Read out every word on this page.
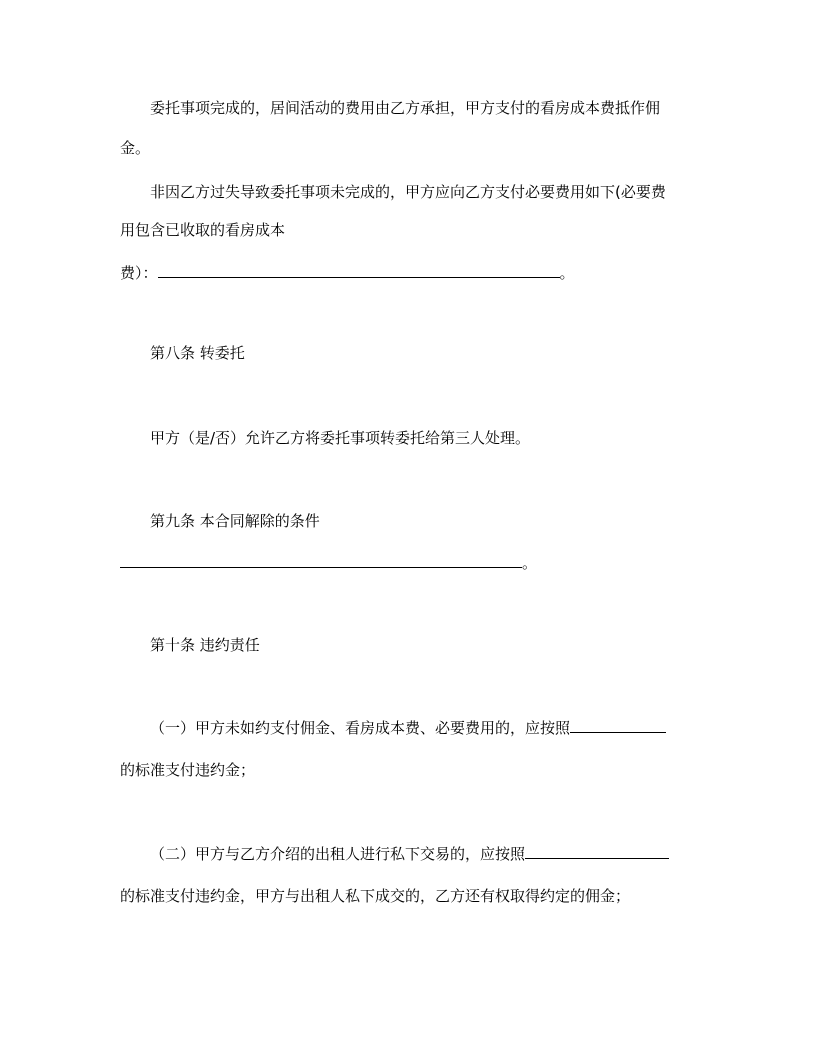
委托事项完成的，居间活动的费用由乙方承担，甲方支付的看房成本费抵作佣
金。
非因乙方过失导致委托事项未完成的，甲方应向乙方支付必要费用如下(必要费
用包含已收取的看房成本
费）：	。
第八条 转委托
甲方（是/否）允许乙方将委托事项转委托给第三人处理。
第九条 本合同解除的条件
。
第十条 违约责任
（一）甲方未如约支付佣金、看房成本费、必要费用的，应按照
的标准支付违约金；
（二）甲方与乙方介绍的出租人进行私下交易的，应按照
的标准支付违约金，甲方与出租人私下成交的，乙方还有权取得约定的佣金；
